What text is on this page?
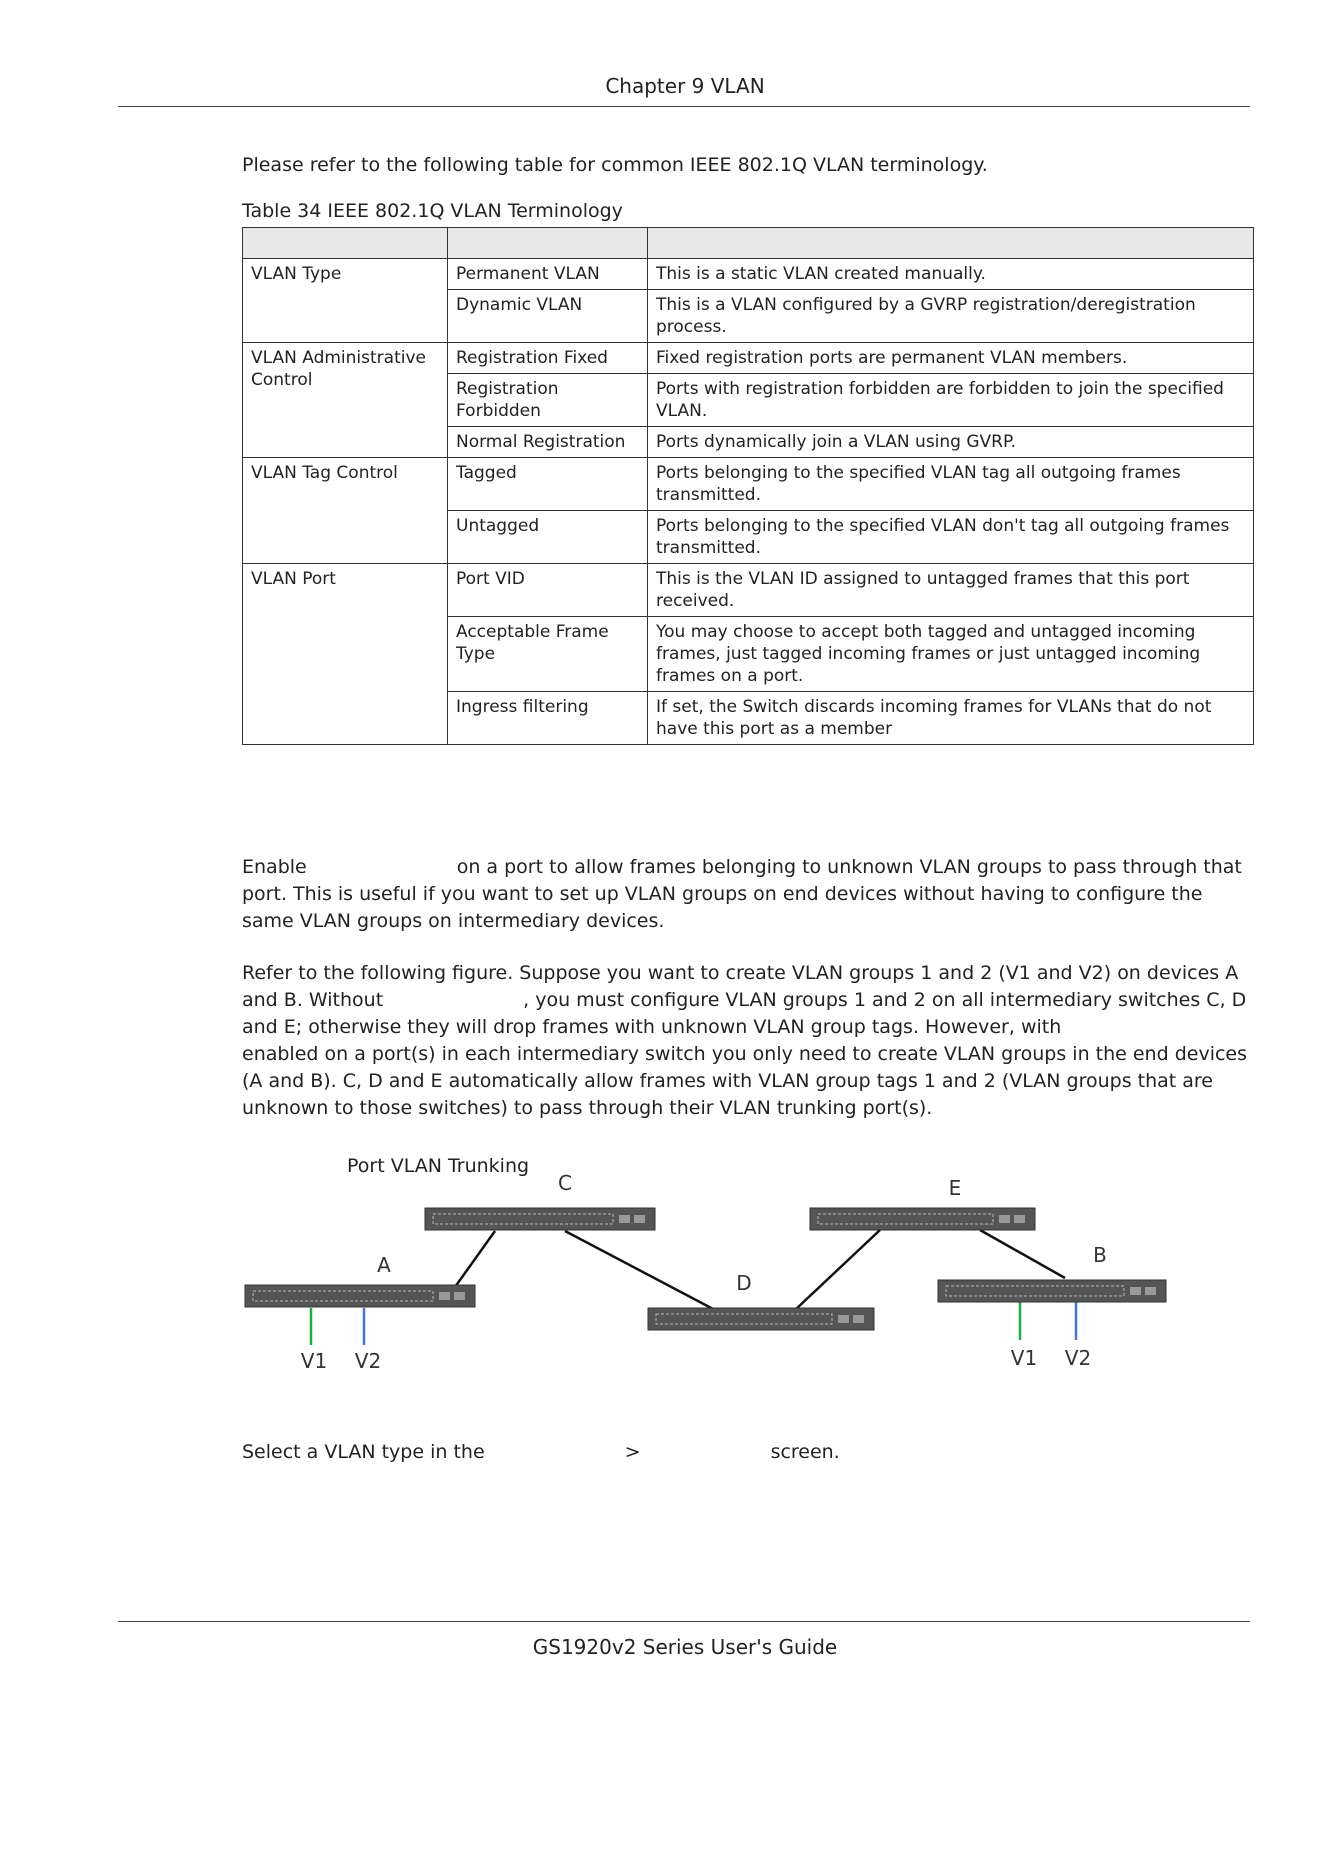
Chapter 9 VLAN
Please refer to the following table for common IEEE 802.1Q VLAN terminology.
Table 34 IEEE 802.1Q VLAN Terminology

VLAN Type	Permanent VLAN	This is a static VLAN created manually.
	Dynamic VLAN	This is a VLAN configured by a GVRP registration/deregistration process.
VLAN Administrative Control	Registration Fixed	Fixed registration ports are permanent VLAN members.
	Registration Forbidden	Ports with registration forbidden are forbidden to join the specified VLAN.
	Normal Registration	Ports dynamically join a VLAN using GVRP.
VLAN Tag Control	Tagged	Ports belonging to the specified VLAN tag all outgoing frames transmitted.
	Untagged	Ports belonging to the specified VLAN don't tag all outgoing frames transmitted.
VLAN Port	Port VID	This is the VLAN ID assigned to untagged frames that this port received.
	Acceptable Frame Type	You may choose to accept both tagged and untagged incoming frames, just tagged incoming frames or just untagged incoming frames on a port.
	Ingress filtering	If set, the Switch discards incoming frames for VLANs that do not have this port as a member
Enable	on a port to allow frames belonging to unknown VLAN groups to pass through that port. This is useful if you want to set up VLAN groups on end devices without having to configure the same VLAN groups on intermediary devices.
Refer to the following figure. Suppose you want to create VLAN groups 1 and 2 (V1 and V2) on devices A and B. Without	, you must configure VLAN groups 1 and 2 on all intermediary switches C, D and E; otherwise they will drop frames with unknown VLAN group tags. However, with enabled on a port(s) in each intermediary switch you only need to create VLAN groups in the end devices (A and B). C, D and E automatically allow frames with VLAN group tags 1 and 2 (VLAN groups that are unknown to those switches) to pass through their VLAN trunking port(s).
Port VLAN Trunking
C	E
A
D
B
V1 V2	V1 V2
Select a VLAN type in the	>	screen.
GS1920v2 Series User's Guide
